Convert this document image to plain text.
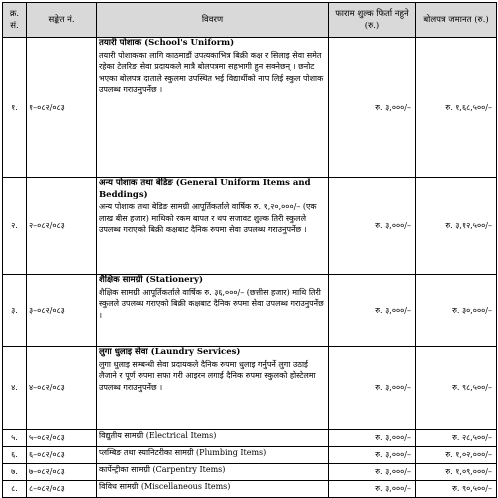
क्र. सं.	सङ्केत नं.	विवरण	फाराम शुल्क फिर्ता नहुने (रु.)	बोलपत्र जमानत (रु.)
१.	१–०८२/०८३	तयारी पोशाक (School's Uniform)
तयारी पोशाकका लागि काठमाडौं उपत्यकाभित्र बिक्री कक्ष र सिलाइ सेवा समेत रहेका टेलरिङ सेवा प्रदायकले मात्रै बोलपत्रमा सहभागी हुन सक्नेछन् । छनोट भएका बोलपत्र दाताले स्कुलमा उपस्थित भई विद्यार्थीको नाप लिई स्कुल पोशाक उपलब्ध गराउनुपर्नेछ ।	रु. ३,०००/–	रु. १,६८,५००/–
२.	२–०८२/०८३	अन्य पोशाक तथा बेडिङ (General Uniform Items and Beddings)
अन्य पोशाक तथा बेडिङ सामग्री आपूर्तिकर्ताले वार्षिक रु. १,२०,०००/– (एक लाख बीस हजार) माथिको रकम बापत र थप सजावट शुल्क तिरी स्कुलले उपलब्ध गराएको बिक्री कक्षबाट दैनिक रुपमा सेवा उपलब्ध गराउनुपर्नेछ ।	रु. ३,०००/–	रु. ३,१२,५००/–
३.	३–०८२/०८३	शैक्षिक सामग्री (Stationery)
शैक्षिक सामग्री आपूर्तिकर्ताले वार्षिक रु. ३६,०००/– (छत्तीस हजार) माथि तिरी स्कुलले उपलब्ध गराएको बिक्री कक्षबाट दैनिक रुपमा सेवा उपलब्ध गराउनुपर्नेछ ।	रु. ३,०००/–	रु. ३०,०००/–
४.	४–०८२/०८३	लुगा धुलाइ सेवा (Laundry Services)
लुगा धुलाइ सम्बन्धी सेवा प्रदायकले दैनिक रुपमा धुलाइ गर्नुपर्ने लुगा उठाई लैजाने र पूर्ण रुपमा सफा गरी आइरन लगाई दैनिक रुपमा स्कुलको होस्टेलमा उपलब्ध गराउनुपर्नेछ ।	रु. ३,०००/–	रु. ९८,५००/–
५.	५–०८२/०८३	विद्युतीय सामग्री (Electrical Items)	रु. ३,०००/–	रु. २८,५००/–
६.	६–०८२/०८३	प्लम्बिङ तथा स्यानिटरीका सामग्री (Plumbing Items)	रु. ३,०००/–	रु. १,०२,०००/–
७.	७–०८२/०८३	कार्पेन्ट्रीका सामग्री (Carpentry Items)	रु. ३,०००/–	रु. १,०९,०००/–
८.	८–०८२/०८३	विविध सामग्री (Miscellaneous Items)	रु. ३,०००/–	रु. ९०,५००/–
